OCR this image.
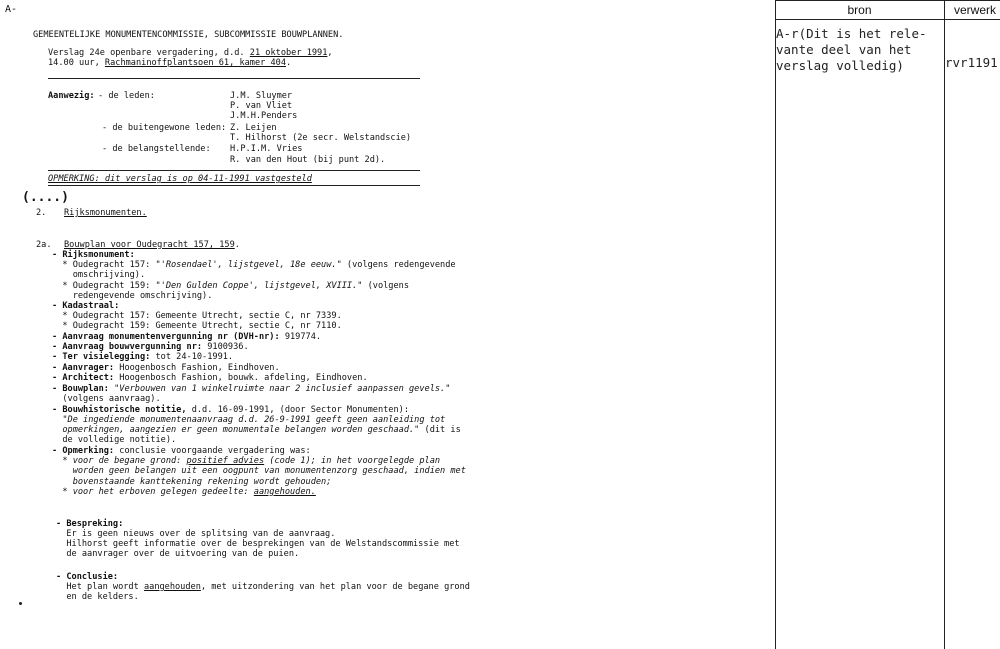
A-
GEMEENTELIJKE MONUMENTENCOMMISSIE, SUBCOMMISSIE BOUWPLANNEN.
Verslag 24e openbare vergadering, d.d. 21 oktober 1991,
14.00 uur, Rachmaninoffplantsoen 61, kamer 404.
Aanwezig: - de leden:	J.M. Sluymer
P. van Vliet
J.M.H.Penders
- de buitengewone leden: Z. Leijen
T. Hilhorst (2e secr. Welstandscie)
- de belangstellende: H.P.I.M. Vries
R. van den Hout (bij punt 2d).
OPMERKING: dit verslag is op 04-11-1991 vastgesteld
(....)
2. Rijksmonumenten.
2a. Bouwplan voor Oudegracht 157, 159.
- Rijksmonument:
* Oudegracht 157: "'Rosendael', lijstgevel, 18e eeuw." (volgens redengevende
omschrijving).
* Oudegracht 159: "'Den Gulden Coppe', lijstgevel, XVIII." (volgens
redengevende omschrijving).
- Kadastraal:
* Oudegracht 157: Gemeente Utrecht, sectie C, nr 7339.
* Oudegracht 159: Gemeente Utrecht, sectie C, nr 7110.
- Aanvraag monumentenvergunning nr (DVH-nr): 919774.
- Aanvraag bouwvergunning nr: 9100936.
- Ter visielegging: tot 24-10-1991.
- Aanvrager: Hoogenbosch Fashion, Eindhoven.
- Architect: Hoogenbosch Fashion, bouwk. afdeling, Eindhoven.
- Bouwplan: "Verbouwen van 1 winkelruimte naar 2 inclusief aanpassen gevels."
(volgens aanvraag).
- Bouwhistorische notitie, d.d. 16-09-1991, (door Sector Monumenten):
"De ingediende monumentenaanvraag d.d. 26-9-1991 geeft geen aanleiding tot
opmerkingen, aangezien er geen monumentale belangen worden geschaad." (dit is
de volledige notitie).
- Opmerking: conclusie voorgaande vergadering was:
* voor de begane grond: positief advies (code 1); in het voorgelegde plan
worden geen belangen uit een oogpunt van monumentenzorg geschaad, indien met
bovenstaande kanttekening rekening wordt gehouden;
* voor het erboven gelegen gedeelte: aangehouden.
- Bespreking:
Er is geen nieuws over de splitsing van de aanvraag.
Hilhorst geeft informatie over de besprekingen van de Welstandscommissie met
de aanvrager over de uitvoering van de puien.
- Conclusie:
Het plan wordt aangehouden, met uitzondering van het plan voor de begane grond
en de kelders.
bron	verwerk
A-r(Dit is het rele-
vante deel van het
verslag volledig)	rvr1191
